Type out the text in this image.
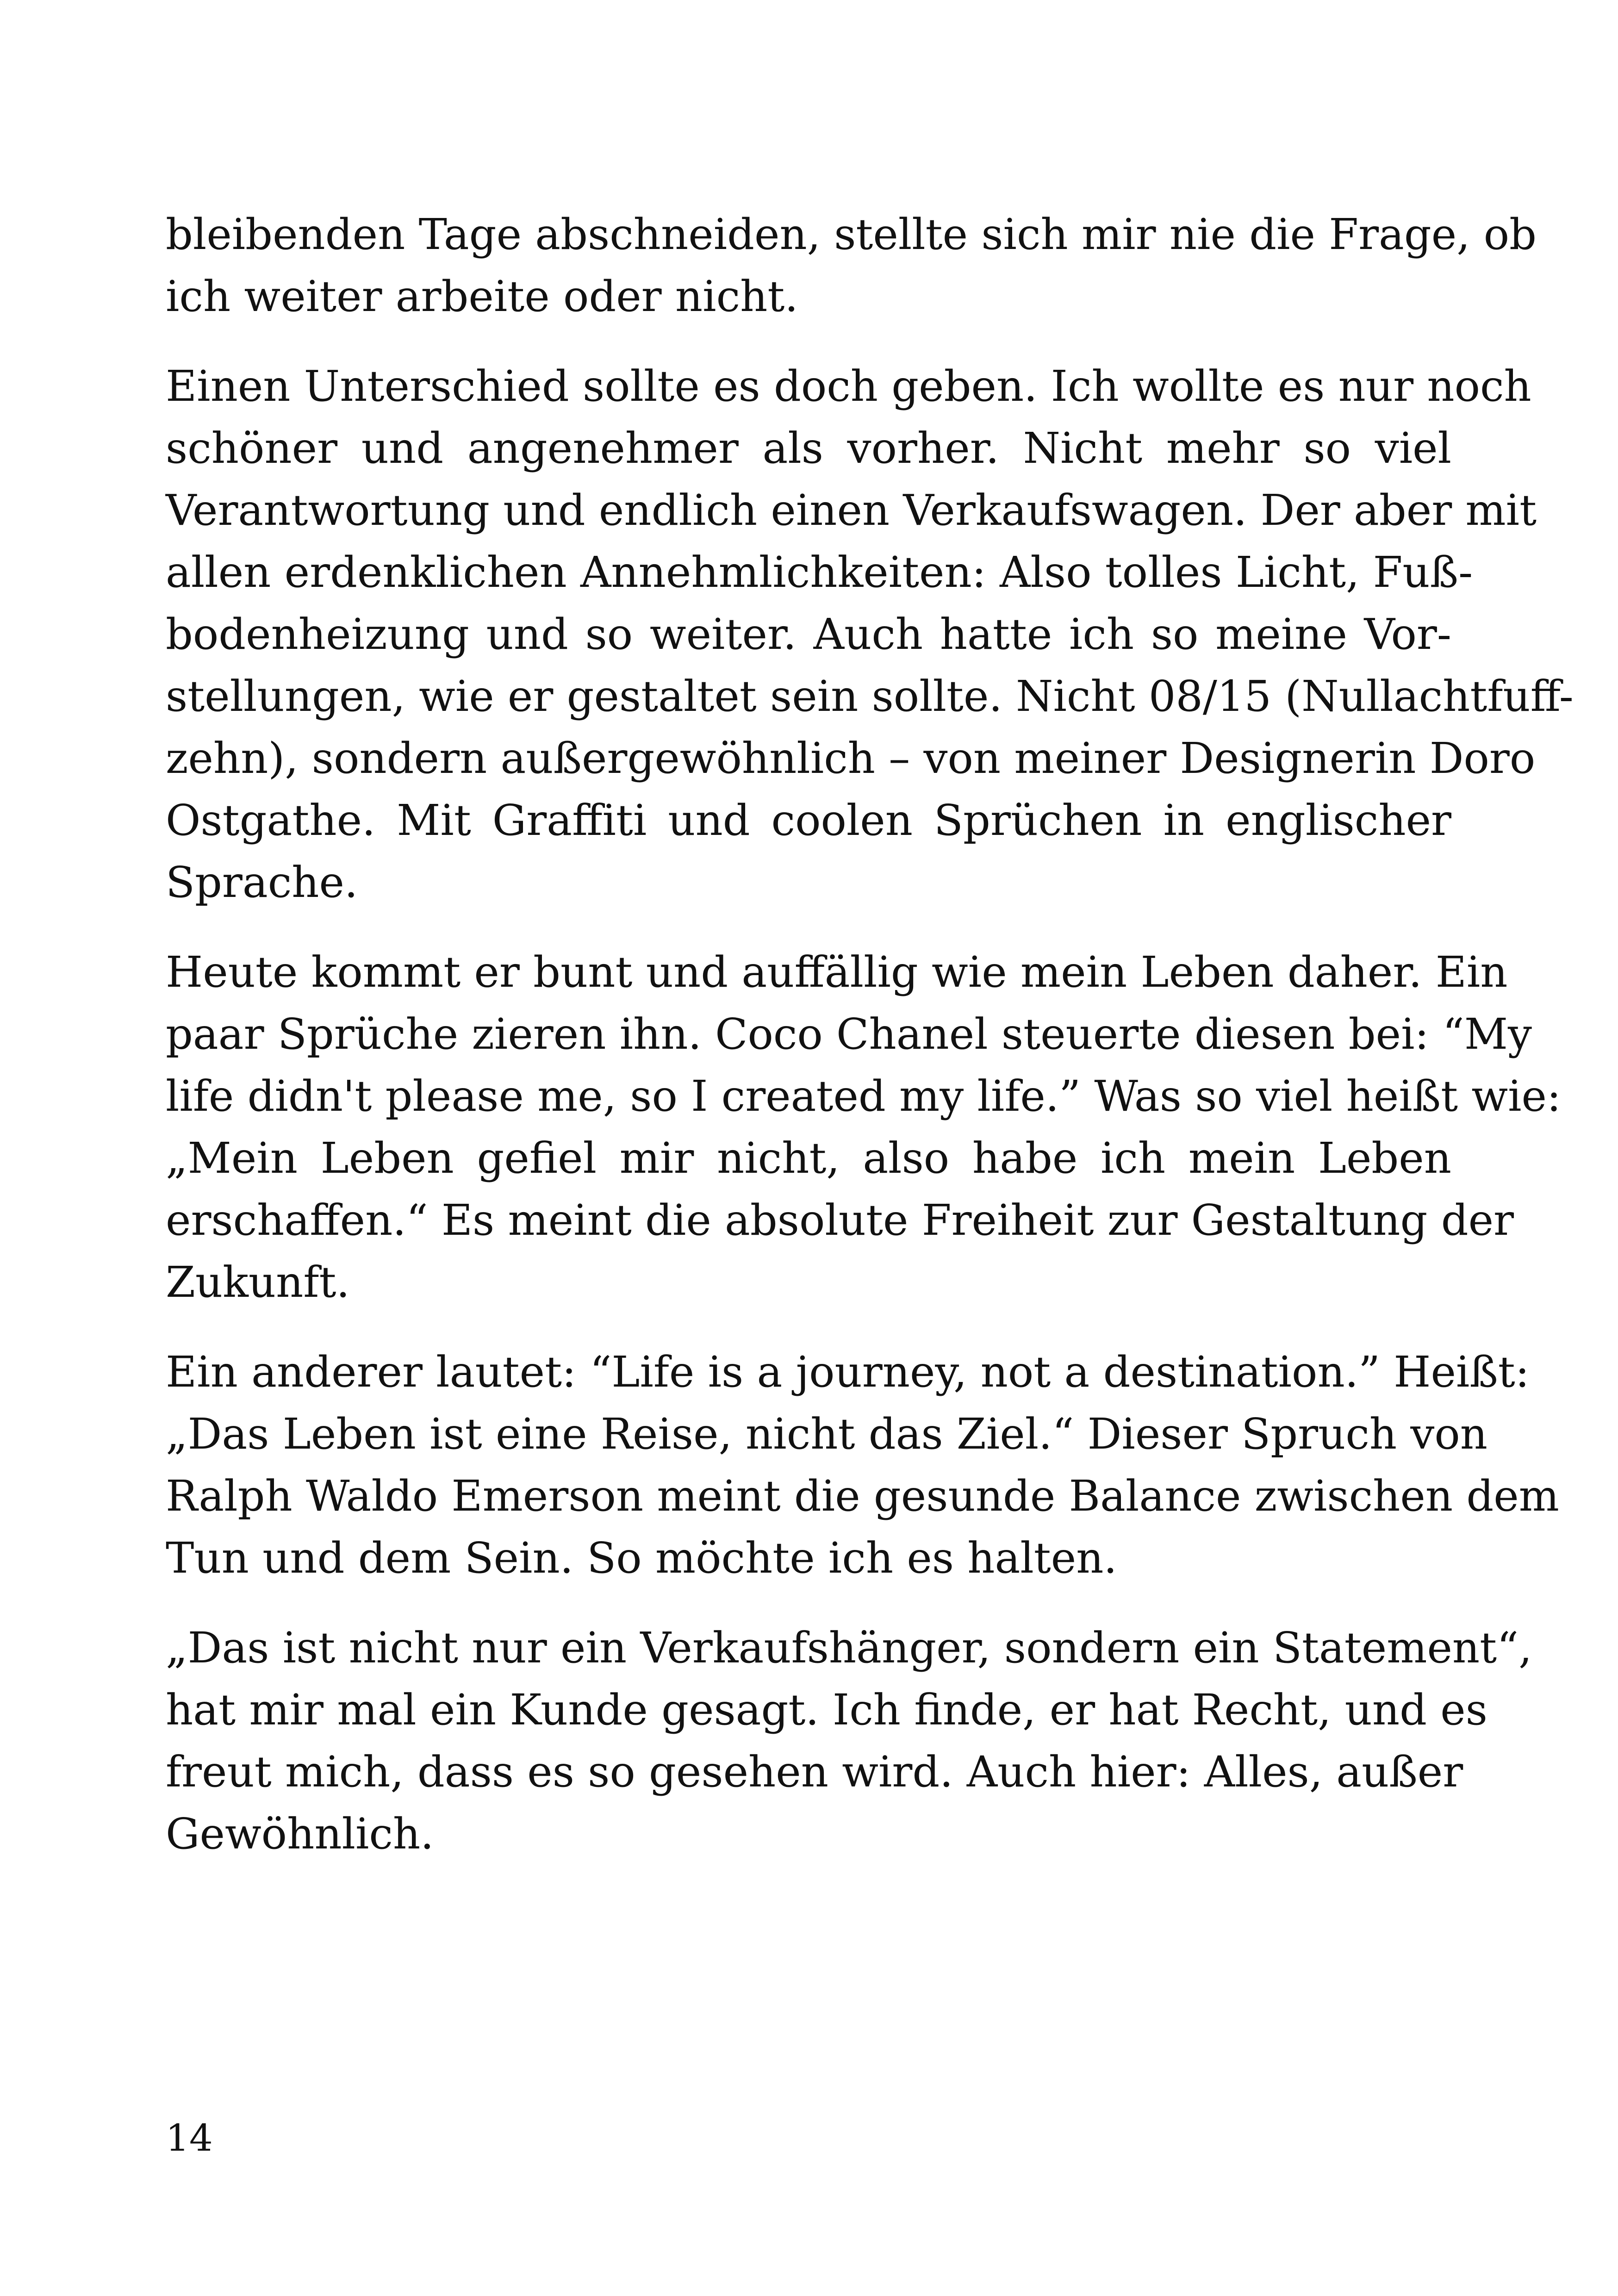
bleibenden Tage abschneiden, stellte sich mir nie die Frage, ob
ich weiter arbeite oder nicht.
Einen Unterschied sollte es doch geben. Ich wollte es nur noch
schöner und angenehmer als vorher. Nicht mehr so viel
Verantwortung und endlich einen Verkaufswagen. Der aber mit
allen erdenklichen Annehmlichkeiten: Also tolles Licht, Fuß-
bodenheizung und so weiter. Auch hatte ich so meine Vor-
stellungen, wie er gestaltet sein sollte. Nicht 08/15 (Nullachtfuff-
zehn), sondern außergewöhnlich – von meiner Designerin Doro
Ostgathe. Mit Graffiti und coolen Sprüchen in englischer
Sprache.
Heute kommt er bunt und auffällig wie mein Leben daher. Ein
paar Sprüche zieren ihn. Coco Chanel steuerte diesen bei: “My
life didn't please me, so I created my life.” Was so viel heißt wie:
„Mein Leben gefiel mir nicht, also habe ich mein Leben
erschaffen.“ Es meint die absolute Freiheit zur Gestaltung der
Zukunft.
Ein anderer lautet: “Life is a journey, not a destination.” Heißt:
„Das Leben ist eine Reise, nicht das Ziel.“ Dieser Spruch von
Ralph Waldo Emerson meint die gesunde Balance zwischen dem
Tun und dem Sein. So möchte ich es halten.
„Das ist nicht nur ein Verkaufshänger, sondern ein Statement“,
hat mir mal ein Kunde gesagt. Ich finde, er hat Recht, und es
freut mich, dass es so gesehen wird. Auch hier: Alles, außer
Gewöhnlich.
14
